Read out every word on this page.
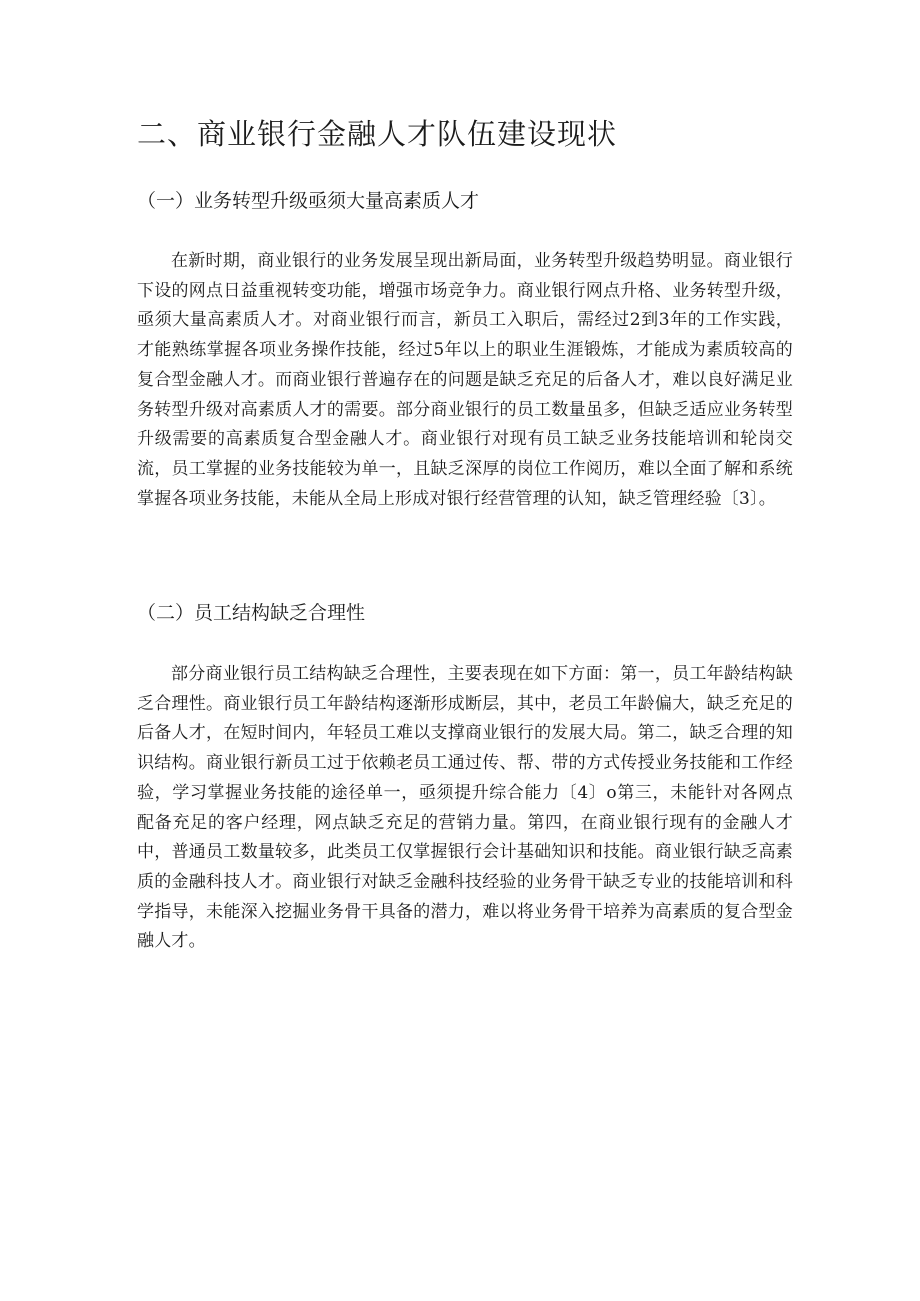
二、商业银行金融人才队伍建设现状
（一）业务转型升级亟须大量高素质人才

在新时期，商业银行的业务发展呈现出新局面，业务转型升级趋势明显。商业银行下设的网点日益重视转变功能，增强市场竞争力。商业银行网点升格、业务转型升级，亟须大量高素质人才。对商业银行而言，新员工入职后，需经过2到3年的工作实践，才能熟练掌握各项业务操作技能，经过5年以上的职业生涯锻炼，才能成为素质较高的复合型金融人才。而商业银行普遍存在的问题是缺乏充足的后备人才，难以良好满足业务转型升级对高素质人才的需要。部分商业银行的员工数量虽多，但缺乏适应业务转型升级需要的高素质复合型金融人才。商业银行对现有员工缺乏业务技能培训和轮岗交流，员工掌握的业务技能较为单一，且缺乏深厚的岗位工作阅历，难以全面了解和系统掌握各项业务技能，未能从全局上形成对银行经营管理的认知，缺乏管理经验〔3〕。

（二）员工结构缺乏合理性

部分商业银行员工结构缺乏合理性，主要表现在如下方面：第一，员工年龄结构缺乏合理性。商业银行员工年龄结构逐渐形成断层，其中，老员工年龄偏大，缺乏充足的后备人才，在短时间内，年轻员工难以支撑商业银行的发展大局。第二，缺乏合理的知识结构。商业银行新员工过于依赖老员工通过传、帮、带的方式传授业务技能和工作经验，学习掌握业务技能的途径单一，亟须提升综合能力〔4〕o第三，未能针对各网点配备充足的客户经理，网点缺乏充足的营销力量。第四，在商业银行现有的金融人才中，普通员工数量较多，此类员工仅掌握银行会计基础知识和技能。商业银行缺乏高素质的金融科技人才。商业银行对缺乏金融科技经验的业务骨干缺乏专业的技能培训和科学指导，未能深入挖掘业务骨干具备的潜力，难以将业务骨干培养为高素质的复合型金融人才。
